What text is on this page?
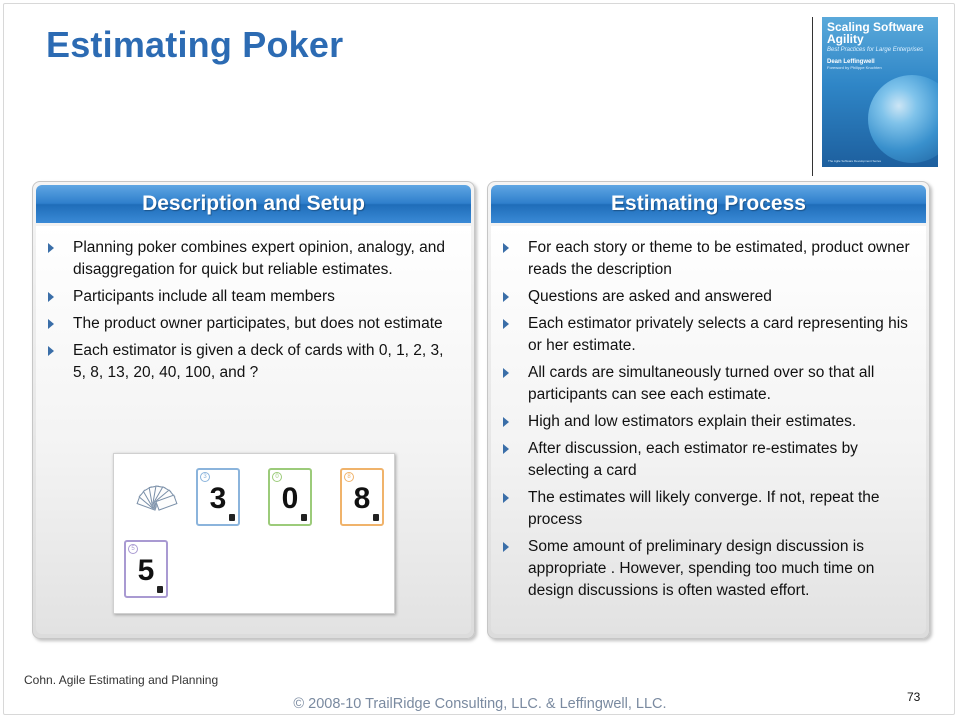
Estimating Poker	Scaling Software Agility
Best Practices for Large Enterprises
Dean Leffingwell
Foreword by Philippe Kruchten
The Agile Software Development Series
Description and Setup
Planning poker combines expert opinion, analogy, and disaggregation for quick but reliable estimates.
Participants include all team members
The product owner participates, but does not estimate
Each estimator is given a deck of cards with 0, 1, 2, 3, 5, 8, 13, 20, 40, 100, and ?
3
3
0
0
8
8
5
5
Estimating Process
For each story or theme to be estimated, product owner reads the description
Questions are asked and answered
Each estimator privately selects a card representing his or her estimate.
All cards are simultaneously turned over so that all participants can see each estimate.
High and low estimators explain their estimates.
After discussion, each estimator re-estimates by selecting a card
The estimates will likely converge. If not, repeat the process
Some amount of preliminary design discussion is appropriate . However, spending too much time on design discussions is often wasted effort.
Cohn. Agile Estimating and Planning
© 2008-10 TrailRidge Consulting, LLC. & Leffingwell, LLC.	73
